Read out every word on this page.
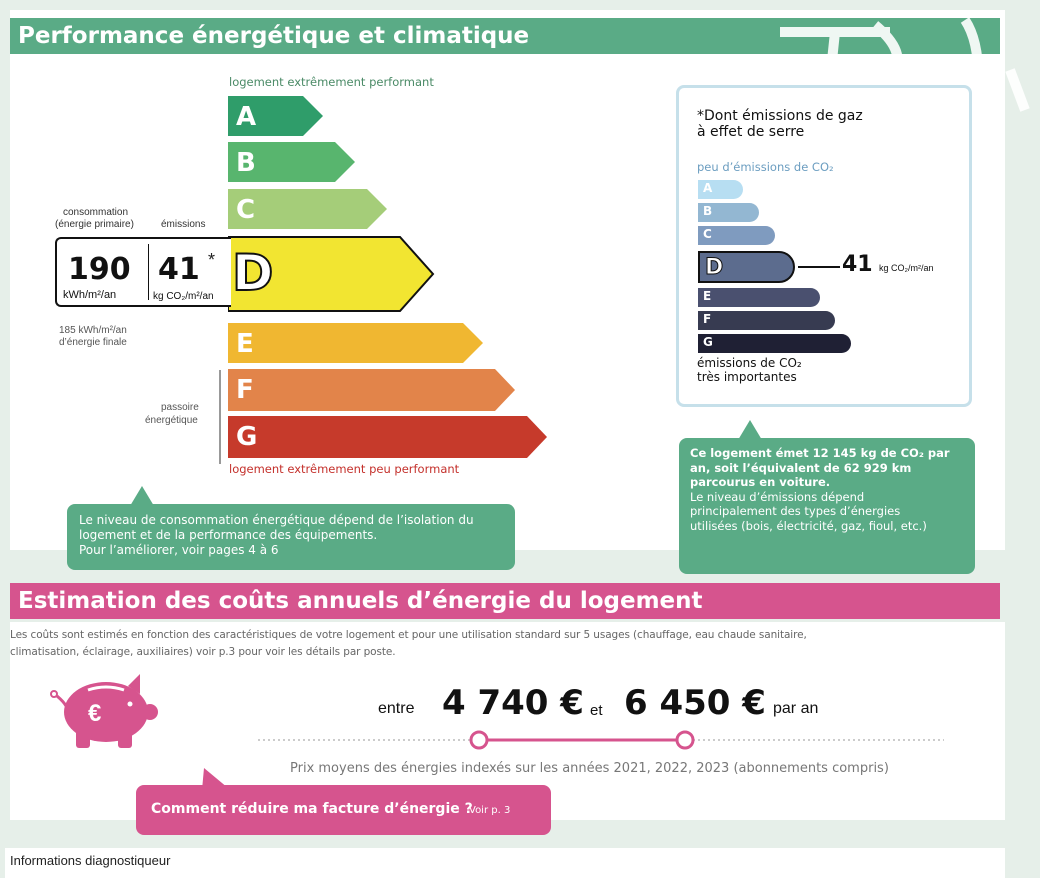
Performance énergétique et climatique
logement extrêmement performant
A
B
C
D
E
F
G
logement extrêmement peu performant
consommation
(énergie primaire)	émissions
190
kWh/m²/an
41 *
kg CO₂/m²/an
185 kWh/m²/an
d’énergie finale
passoire
énergétique
Le niveau de consommation énergétique dépend de l’isolation du
logement et de la performance des équipements.
Pour l’améliorer, voir pages 4 à 6
*Dont émissions de gaz
à effet de serre
peu d’émissions de CO₂
A
B
C
D
E
F
G
41 kg CO₂/m²/an
émissions de CO₂
très importantes
Ce logement émet 12 145 kg de CO₂ par
an, soit l’équivalent de 62 929 km
parcourus en voiture.
Le niveau d’émissions dépend
principalement des types d’énergies
utilisées (bois, électricité, gaz, fioul, etc.)
Estimation des coûts annuels d’énergie du logement
Les coûts sont estimés en fonction des caractéristiques de votre logement et pour une utilisation standard sur 5 usages (chauffage, eau chaude sanitaire,
climatisation, éclairage, auxiliaires) voir p.3 pour voir les détails par poste.
€	entre 4 740 € et 6 450 € par an
Prix moyens des énergies indexés sur les années 2021, 2022, 2023 (abonnements compris)
Comment réduire ma facture d’énergie ?
Voir p. 3
Informations diagnostiqueur
